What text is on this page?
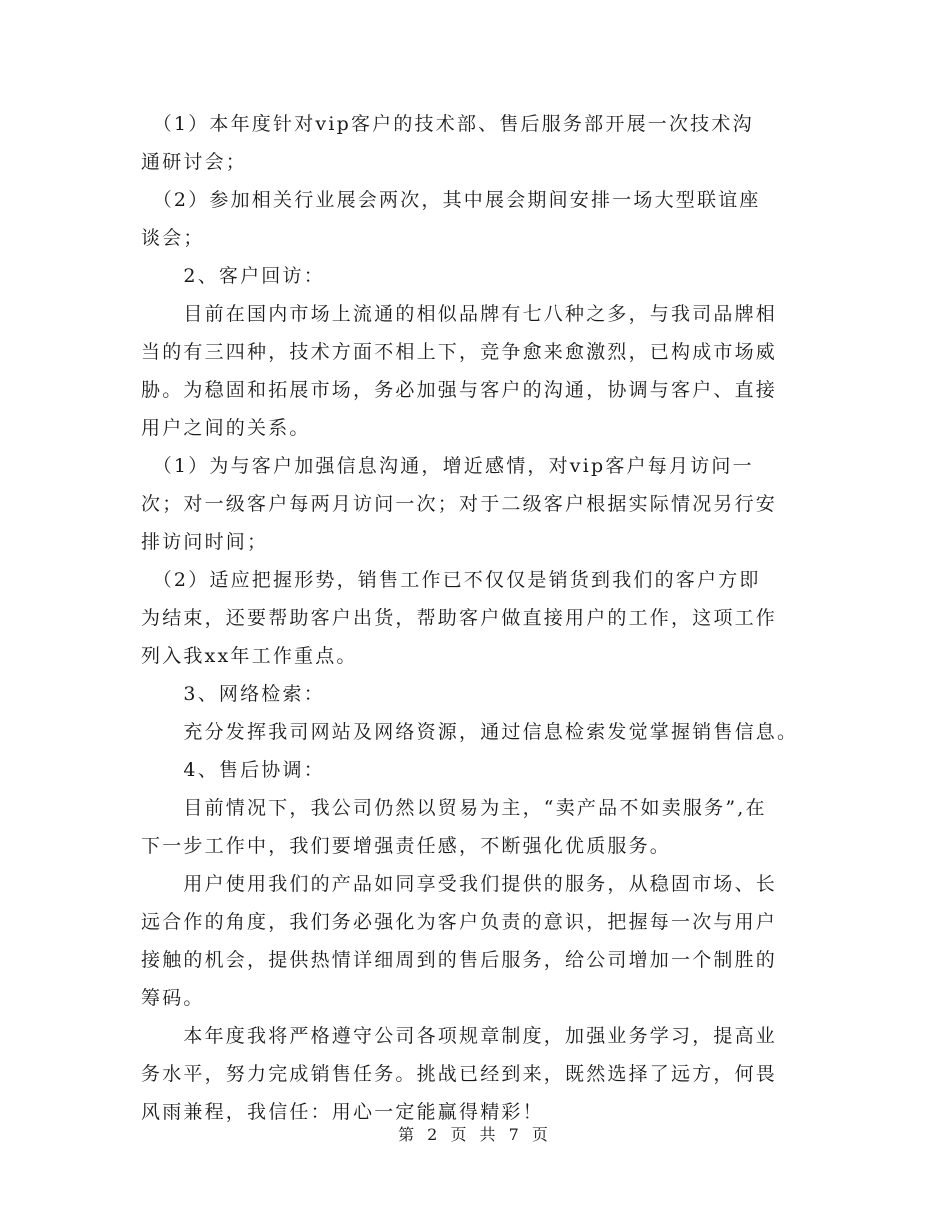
　（1）本年度针对vip客户的技术部、售后服务部开展一次技术沟
通研讨会；
　（2）参加相关行业展会两次，其中展会期间安排一场大型联谊座
谈会；
　　2、客户回访：
　　目前在国内市场上流通的相似品牌有七八种之多，与我司品牌相
当的有三四种，技术方面不相上下，竞争愈来愈激烈，已构成市场威
胁。为稳固和拓展市场，务必加强与客户的沟通，协调与客户、直接
用户之间的关系。
　（1）为与客户加强信息沟通，增近感情，对vip客户每月访问一
次；对一级客户每两月访问一次；对于二级客户根据实际情况另行安
排访问时间；
　（2）适应把握形势，销售工作已不仅仅是销货到我们的客户方即
为结束，还要帮助客户出货，帮助客户做直接用户的工作，这项工作
列入我xx年工作重点。
　　3、网络检索：
　　充分发挥我司网站及网络资源，通过信息检索发觉掌握销售信息。
　　4、售后协调：
　　目前情况下，我公司仍然以贸易为主，“卖产品不如卖服务”,在
下一步工作中，我们要增强责任感，不断强化优质服务。
　　用户使用我们的产品如同享受我们提供的服务，从稳固市场、长
远合作的角度，我们务必强化为客户负责的意识，把握每一次与用户
接触的机会，提供热情详细周到的售后服务，给公司增加一个制胜的
筹码。
　　本年度我将严格遵守公司各项规章制度，加强业务学习，提高业
务水平，努力完成销售任务。挑战已经到来，既然选择了远方，何畏
风雨兼程，我信任：用心一定能赢得精彩！
第 2 页 共 7 页
